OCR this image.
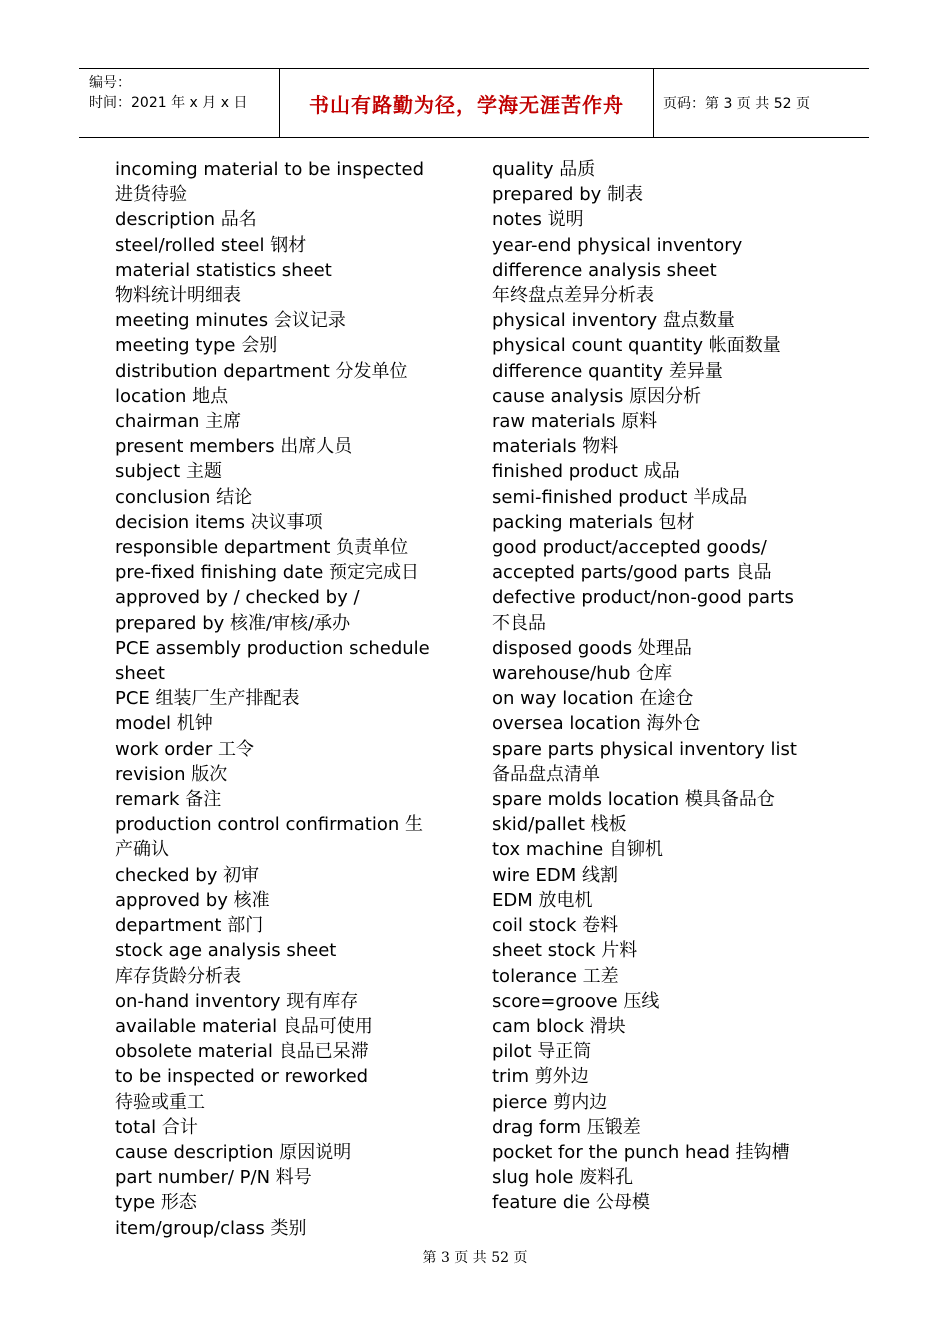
编号：
时间：2021 年 x 月 x 日	书山有路勤为径，学海无涯苦作舟	页码：第 3 页 共 52 页
incoming material to be inspected
进货待验
description 品名
steel/rolled steel 钢材
material statistics sheet
物料统计明细表
meeting minutes 会议记录
meeting type 会别
distribution department 分发单位
location 地点
chairman 主席
present members 出席人员
subject 主题
conclusion 结论
decision items 决议事项
responsible department 负责单位
pre-fixed finishing date 预定完成日
approved by / checked by /
prepared by 核准/审核/承办
PCE assembly production schedule
sheet
PCE 组装厂生产排配表
model 机钟
work order 工令
revision 版次
remark 备注
production control confirmation 生
产确认
checked by 初审
approved by 核准
department 部门
stock age analysis sheet
库存货龄分析表
on-hand inventory 现有库存
available material 良品可使用
obsolete material 良品已呆滞
to be inspected or reworked
待验或重工
total 合计
cause description 原因说明
part number/ P/N 料号
type 形态
item/group/class 类别
quality 品质
prepared by 制表
notes 说明
year-end physical inventory
difference analysis sheet
年终盘点差异分析表
physical inventory 盘点数量
physical count quantity 帐面数量
difference quantity 差异量
cause analysis 原因分析
raw materials 原料
materials 物料
finished product 成品
semi-finished product 半成品
packing materials 包材
good product/accepted goods/
accepted parts/good parts 良品
defective product/non-good parts
不良品
disposed goods 处理品
warehouse/hub 仓库
on way location 在途仓
oversea location 海外仓
spare parts physical inventory list
备品盘点清单
spare molds location 模具备品仓
skid/pallet 栈板
tox machine 自铆机
wire EDM 线割
EDM 放电机
coil stock 卷料
sheet stock 片料
tolerance 工差
score=groove 压线
cam block 滑块
pilot 导正筒
trim 剪外边
pierce 剪内边
drag form 压锻差
pocket for the punch head 挂钩槽
slug hole 废料孔
feature die 公母模
第 3 页 共 52 页
